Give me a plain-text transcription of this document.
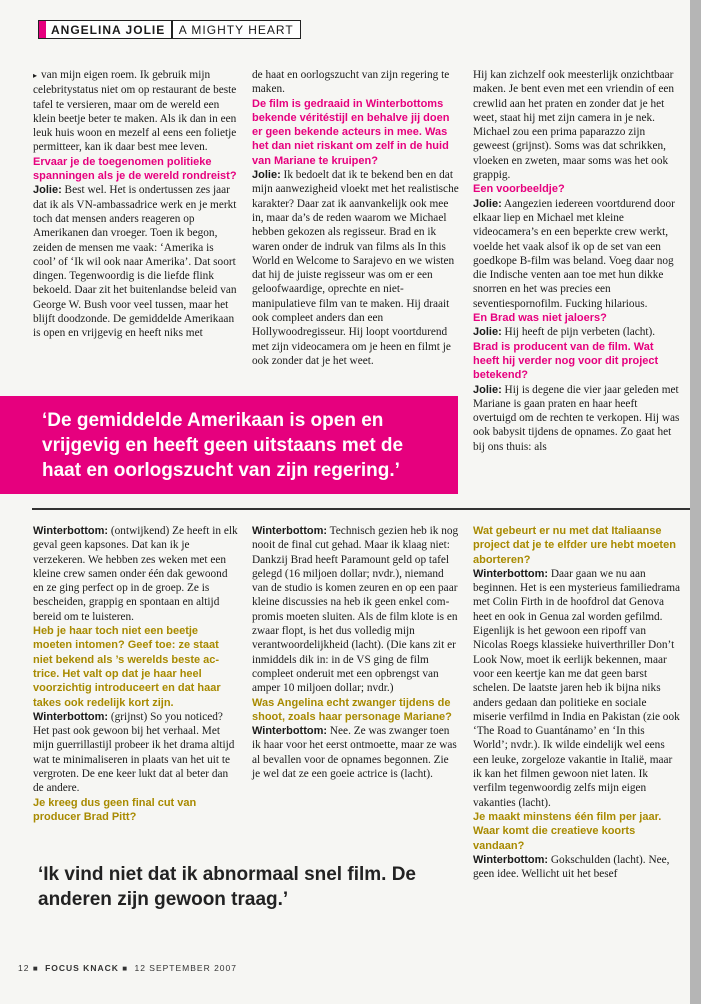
ANGELINA JOLIE	A MIGHTY HEART

▸ van mijn eigen roem. Ik gebruik mijn celebritystatus niet om op restaurant de beste tafel te versieren, maar om de wereld een klein beetje beter te maken. Als ik dan in een leuk huis woon en mezelf al eens een folietje permitteer, kan ik daar best mee leven.

Ervaar je de toegenomen politieke spanningen als je de wereld rondreist?

Jolie: Best wel. Het is ondertussen zes jaar dat ik als VN-ambassadrice werk en je merkt toch dat mensen anders reageren op Amerikanen dan vroeger. Toen ik begon, zeiden de mensen me vaak: ‘Amerika is cool’ of ‘Ik wil ook naar Amerika’. Dat soort dingen. Tegenwoordig is die liefde flink bekoeld. Daar zit het buitenlandse beleid van George W. Bush voor veel tussen, maar het blijft doodzonde. De gemiddelde Amerikaan is open en vrijgevig en heeft niks met

de haat en oorlogszucht van zijn regering te maken.

De film is gedraaid in Winterbottoms bekende véritéstijl en behalve jij doen er geen bekende acteurs in mee. Was het dan niet riskant om zelf in de huid van Mariane te kruipen?

Jolie: Ik bedoelt dat ik te bekend ben en dat mijn aanwezigheid vloekt met het realistische karakter? Daar zat ik aanvankelijk ook mee in, maar da’s de reden waarom we Michael hebben gekozen als regisseur. Brad en ik waren onder de indruk van films als In this World en Welcome to Sarajevo en we wisten dat hij de juiste regisseur was om er een geloofwaardige, oprechte en niet-manipulatieve film van te maken. Hij draait ook compleet anders dan een Hollywoodregisseur. Hij loopt voortdurend met zijn videocamera om je heen en filmt je ook zonder dat je het weet.

Hij kan zichzelf ook meesterlijk onzichtbaar maken. Je bent even met een vriendin of een crewlid aan het praten en zonder dat je het weet, staat hij met zijn camera in je nek. Michael zou een prima paparazzo zijn geweest (grijnst). Soms was dat schrikken, vloeken en zweten, maar soms was het ook grappig.

Een voorbeeldje?

Jolie: Aangezien iedereen voortdurend door elkaar liep en Michael met kleine videocamera’s en een beperkte crew werkt, voelde het vaak alsof ik op de set van een goedkope B-film was beland. Voeg daar nog die Indische venten aan toe met hun dikke snorren en het was precies een seventiespornofilm. Fucking hilarious.

En Brad was niet jaloers?

Jolie: Hij heeft de pijn verbeten (lacht).

Brad is producent van de film. Wat heeft hij verder nog voor dit project betekend?

Jolie: Hij is degene die vier jaar geleden met Mariane is gaan praten en haar heeft overtuigd om de rechten te verkopen. Hij was ook babysit tijdens de opnames. Zo gaat het bij ons thuis: als

‘De gemiddelde Amerikaan is open en vrijgevig en heeft geen uitstaans met de haat en oorlogszucht van zijn regering.’

Winterbottom: (ontwijkend) Ze heeft in elk geval geen kapsones. Dat kan ik je verzekeren. We hebben zes weken met een kleine crew samen onder één dak gewoond en ze ging perfect op in de groep. Ze is bescheiden, grappig en spontaan en altijd bereid om te luisteren.

Heb je haar toch niet een beetje moeten intomen? Geef toe: ze staat niet bekend als ’s werelds beste actrice. Het valt op dat je haar heel voorzichtig introduceert en dat haar takes ook redelijk kort zijn.

Winterbottom: (grijnst) So you noticed? Het past ook gewoon bij het verhaal. Met mijn guerrillastijl probeer ik het drama altijd wat te minimaliseren in plaats van het uit te vergroten. De ene keer lukt dat al beter dan de andere.

Je kreeg dus geen final cut van producer Brad Pitt?

Winterbottom: Technisch gezien heb ik nog nooit de final cut gehad. Maar ik klaag niet: Dankzij Brad heeft Paramount geld op tafel gelegd (16 miljoen dollar; nvdr.), niemand van de studio is komen zeuren en op een paar kleine discussies na heb ik geen enkel compromis moeten sluiten. Als de film klote is en zwaar flopt, is het dus volledig mijn verantwoordelijkheid (lacht). (Die kans zit er inmiddels dik in: in de VS ging de film compleet onderuit met een opbrengst van amper 10 miljoen dollar; nvdr.)

Was Angelina echt zwanger tijdens de shoot, zoals haar personage Mariane?

Winterbottom: Nee. Ze was zwanger toen ik haar voor het eerst ontmoette, maar ze was al bevallen voor de opnames begonnen. Zie je wel dat ze een goeie actrice is (lacht).

Wat gebeurt er nu met dat Italiaanse project dat je te elfder ure hebt moeten aborteren?

Winterbottom: Daar gaan we nu aan beginnen. Het is een mysterieus familiedrama met Colin Firth in de hoofdrol dat Genova heet en ook in Genua zal worden gefilmd. Eigenlijk is het gewoon een ripoff van Nicolas Roegs klassieke huiverthriller Don’t Look Now, moet ik eerlijk bekennen, maar voor een keertje kan me dat geen barst schelen. De laatste jaren heb ik bijna niks anders gedaan dan politieke en sociale miserie verfilmd in India en Pakistan (zie ook ‘The Road to Guantánamo’ en ‘In this World’; nvdr.). Ik wilde eindelijk wel eens een leuke, zorgeloze vakantie in Italië, maar ik kan het filmen gewoon niet laten. Ik verfilm tegenwoordig zelfs mijn eigen vakanties (lacht).

Je maakt minstens één film per jaar. Waar komt die creatieve koorts vandaan?

Winterbottom: Gokschulden (lacht). Nee, geen idee. Wellicht uit het besef

‘Ik vind niet dat ik abnormaal snel film. De anderen zijn gewoon traag.’
12 ■ FOCUS KNACK ■ 12 SEPTEMBER 2007
